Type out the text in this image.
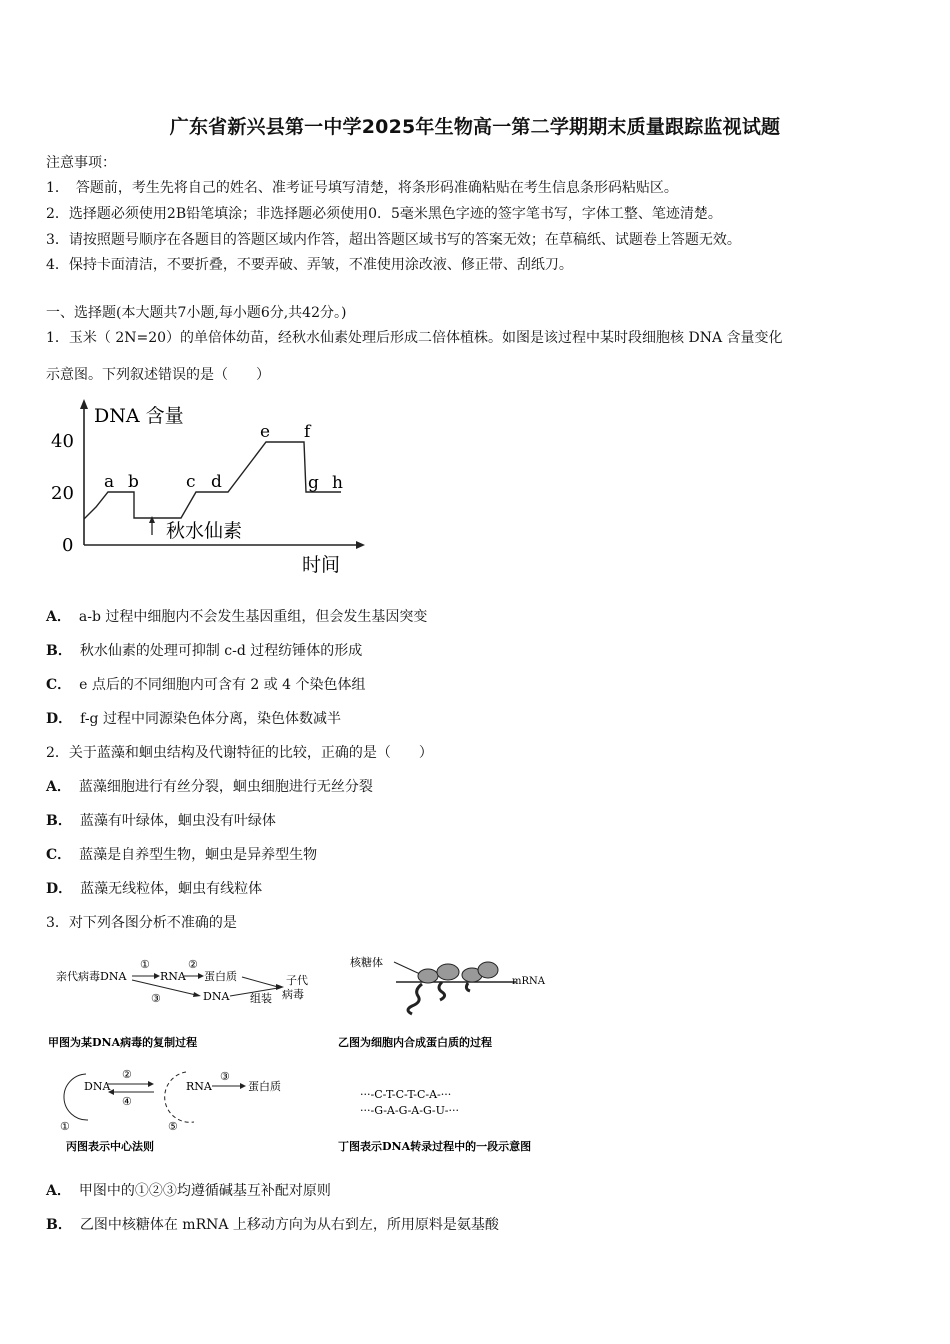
广东省新兴县第一中学2025年生物高一第二学期期末质量跟踪监视试题
注意事项：
1．　答题前，考生先将自己的姓名、准考证号填写清楚，将条形码准确粘贴在考生信息条形码粘贴区。
2．选择题必须使用2B铅笔填涂；非选择题必须使用0．5毫米黑色字迹的签字笔书写，字体工整、笔迹清楚。
3．请按照题号顺序在各题目的答题区域内作答，超出答题区域书写的答案无效；在草稿纸、试题卷上答题无效。
4．保持卡面清洁，不要折叠，不要弄破、弄皱，不准使用涂改液、修正带、刮纸刀。
一、选择题(本大题共7小题,每小题6分,共42分。)
1．玉米（ 2N=20）的单倍体幼苗，经秋水仙素处理后形成二倍体植株。如图是该过程中某时段细胞核 DNA 含量变化
示意图。下列叙述错误的是（　　）
DNA 含量
40
20
0
a b	c d
e f
g h
秋水仙素
时间
A． a-b 过程中细胞内不会发生基因重组，但会发生基因突变
B． 秋水仙素的处理可抑制 c-d 过程纺锤体的形成
C． e 点后的不同细胞内可含有 2 或 4 个染色体组
D． f-g 过程中同源染色体分离，染色体数减半
2．关于蓝藻和蛔虫结构及代谢特征的比较，正确的是（　　）
A． 蓝藻细胞进行有丝分裂，蛔虫细胞进行无丝分裂
B． 蓝藻有叶绿体，蛔虫没有叶绿体
C． 蓝藻是自养型生物，蛔虫是异养型生物
D． 蓝藻无线粒体，蛔虫有线粒体
3．对下列各图分析不准确的是
亲代病毒DNA
①
RNA
②
蛋白质
③	DNA
子代
病毒
组装
甲图为某DNA病毒的复制过程
核糖体
mRNA
乙图为细胞内合成蛋白质的过程
DNA
①
②
④
RNA
⑤
③
蛋白质
丙图表示中心法则
···-C-T-C-T-C-A-···
···-G-A-G-A-G-U-···
丁图表示DNA转录过程中的一段示意图
A． 甲图中的①②③均遵循碱基互补配对原则
B． 乙图中核糖体在 mRNA 上移动方向为从右到左，所用原料是氨基酸
